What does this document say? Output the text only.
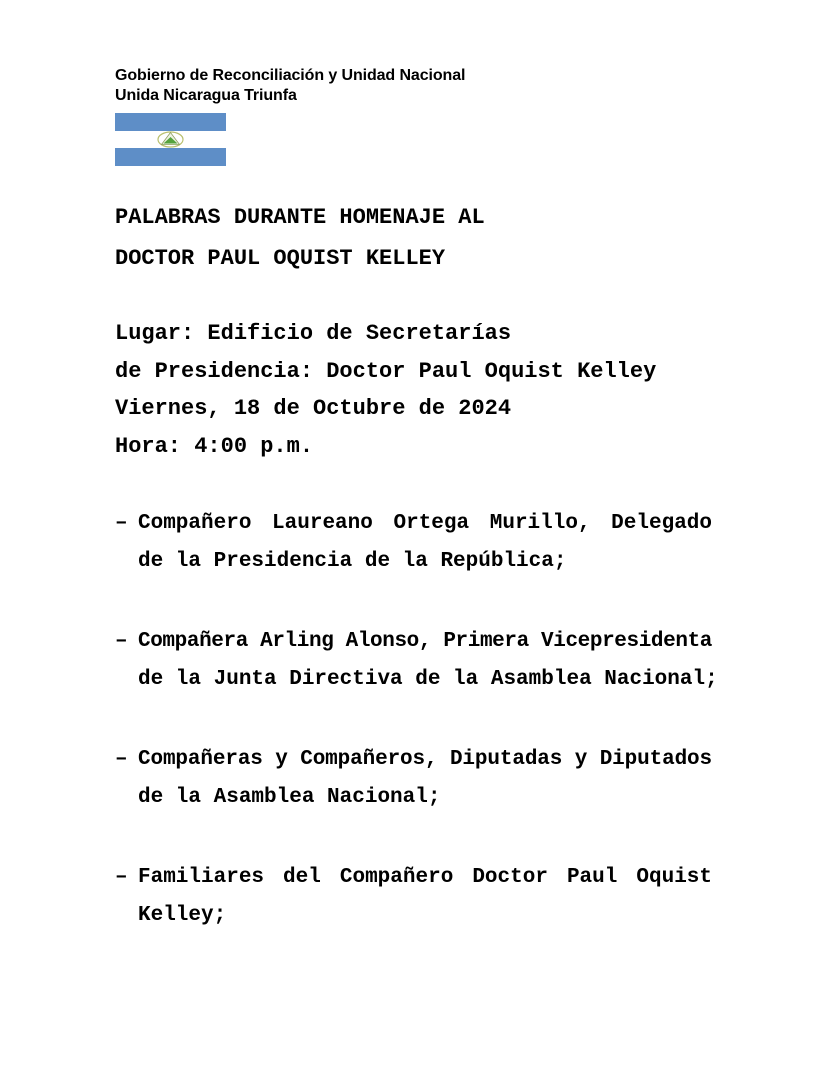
Gobierno de Reconciliación y Unidad Nacional
Unida Nicaragua Triunfa
PALABRAS DURANTE HOMENAJE AL
DOCTOR PAUL OQUIST KELLEY
Lugar: Edificio de Secretarías
de Presidencia: Doctor Paul Oquist Kelley
Viernes, 18 de Octubre de 2024
Hora: 4:00 p.m.
– Compañero Laureano Ortega Murillo, Delegado
de la Presidencia de la República;
– Compañera Arling Alonso, Primera Vicepresidenta
de la Junta Directiva de la Asamblea Nacional;
– Compañeras y Compañeros, Diputadas y Diputados
de la Asamblea Nacional;
– Familiares del Compañero Doctor Paul Oquist
Kelley;
